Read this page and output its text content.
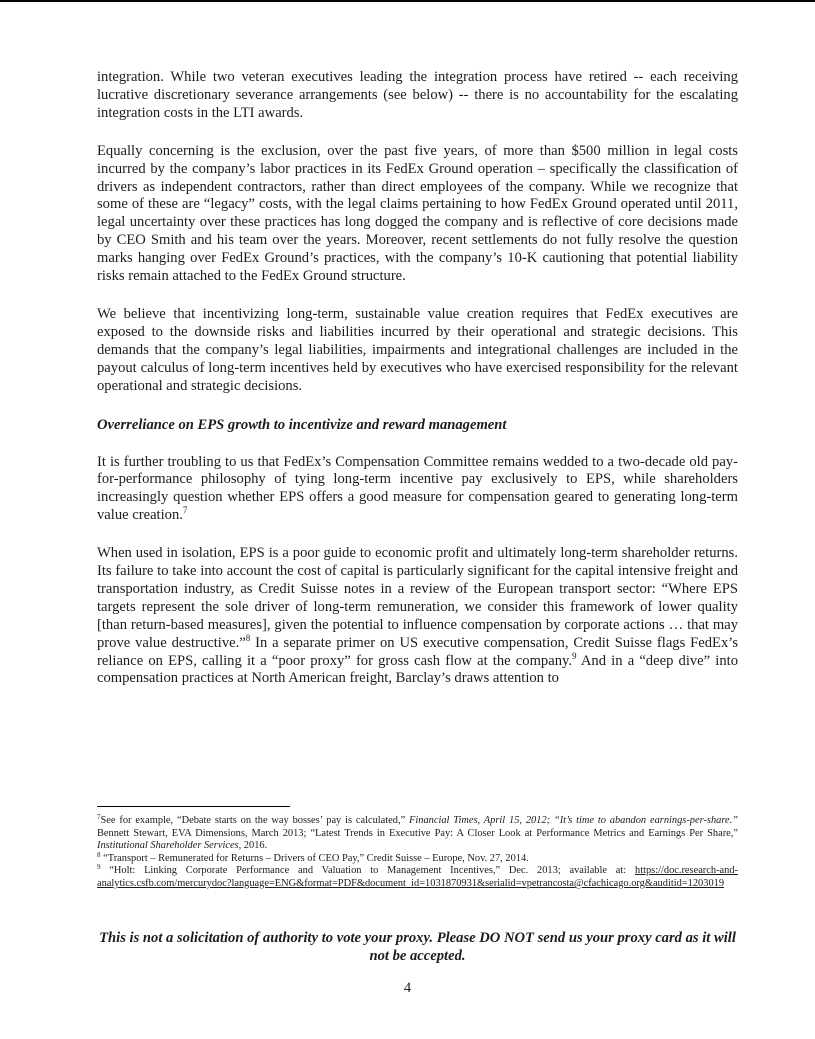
integration. While two veteran executives leading the integration process have retired -- each receiving lucrative discretionary severance arrangements (see below) -- there is no accountability for the escalating integration costs in the LTI awards.

Equally concerning is the exclusion, over the past five years, of more than $500 million in legal costs incurred by the company’s labor practices in its FedEx Ground operation – specifically the classification of drivers as independent contractors, rather than direct employees of the company. While we recognize that some of these are “legacy” costs, with the legal claims pertaining to how FedEx Ground operated until 2011, legal uncertainty over these practices has long dogged the company and is reflective of core decisions made by CEO Smith and his team over the years. Moreover, recent settlements do not fully resolve the question marks hanging over FedEx Ground’s practices, with the company’s 10-K cautioning that potential liability risks remain attached to the FedEx Ground structure.

We believe that incentivizing long-term, sustainable value creation requires that FedEx executives are exposed to the downside risks and liabilities incurred by their operational and strategic decisions. This demands that the company’s legal liabilities, impairments and integrational challenges are included in the payout calculus of long-term incentives held by executives who have exercised responsibility for the relevant operational and strategic decisions.

Overreliance on EPS growth to incentivize and reward management

It is further troubling to us that FedEx’s Compensation Committee remains wedded to a two-decade old pay-for-performance philosophy of tying long-term incentive pay exclusively to EPS, while shareholders increasingly question whether EPS offers a good measure for compensation geared to generating long-term value creation.$^7$

When used in isolation, EPS is a poor guide to economic profit and ultimately long-term shareholder returns. Its failure to take into account the cost of capital is particularly significant for the capital intensive freight and transportation industry, as Credit Suisse notes in a review of the European transport sector: “Where EPS targets represent the sole driver of long-term remuneration, we consider this framework of lower quality [than return-based measures], given the potential to influence compensation by corporate actions … that may prove value destructive.”$^8$ In a separate primer on US executive compensation, Credit Suisse flags FedEx’s reliance on EPS, calling it a “poor proxy” for gross cash flow at the company.$^9$ And in a “deep dive” into compensation practices at North American freight, Barclay’s draws attention to

$^7$See for example, “Debate starts on the way bosses’ pay is calculated,” Financial Times, April 15, 2012; “It’s time to abandon earnings-per-share.” Bennett Stewart, EVA Dimensions, March 2013; “Latest Trends in Executive Pay: A Closer Look at Performance Metrics and Earnings Per Share,” Institutional Shareholder Services, 2016.

$^8$ “Transport – Remunerated for Returns – Drivers of CEO Pay,” Credit Suisse – Europe, Nov. 27, 2014.

$^9$ “Holt: Linking Corporate Performance and Valuation to Management Incentives,” Dec. 2013; available at: https://doc.research-and-analytics.csfb.com/mercurydoc?language=ENG&format=PDF&document_id=1031870931&serialid=vpetrancosta@cfachicago.org&auditid=1203019

This is not a solicitation of authority to vote your proxy. Please DO NOT send us your proxy card as it will not be accepted.
4
